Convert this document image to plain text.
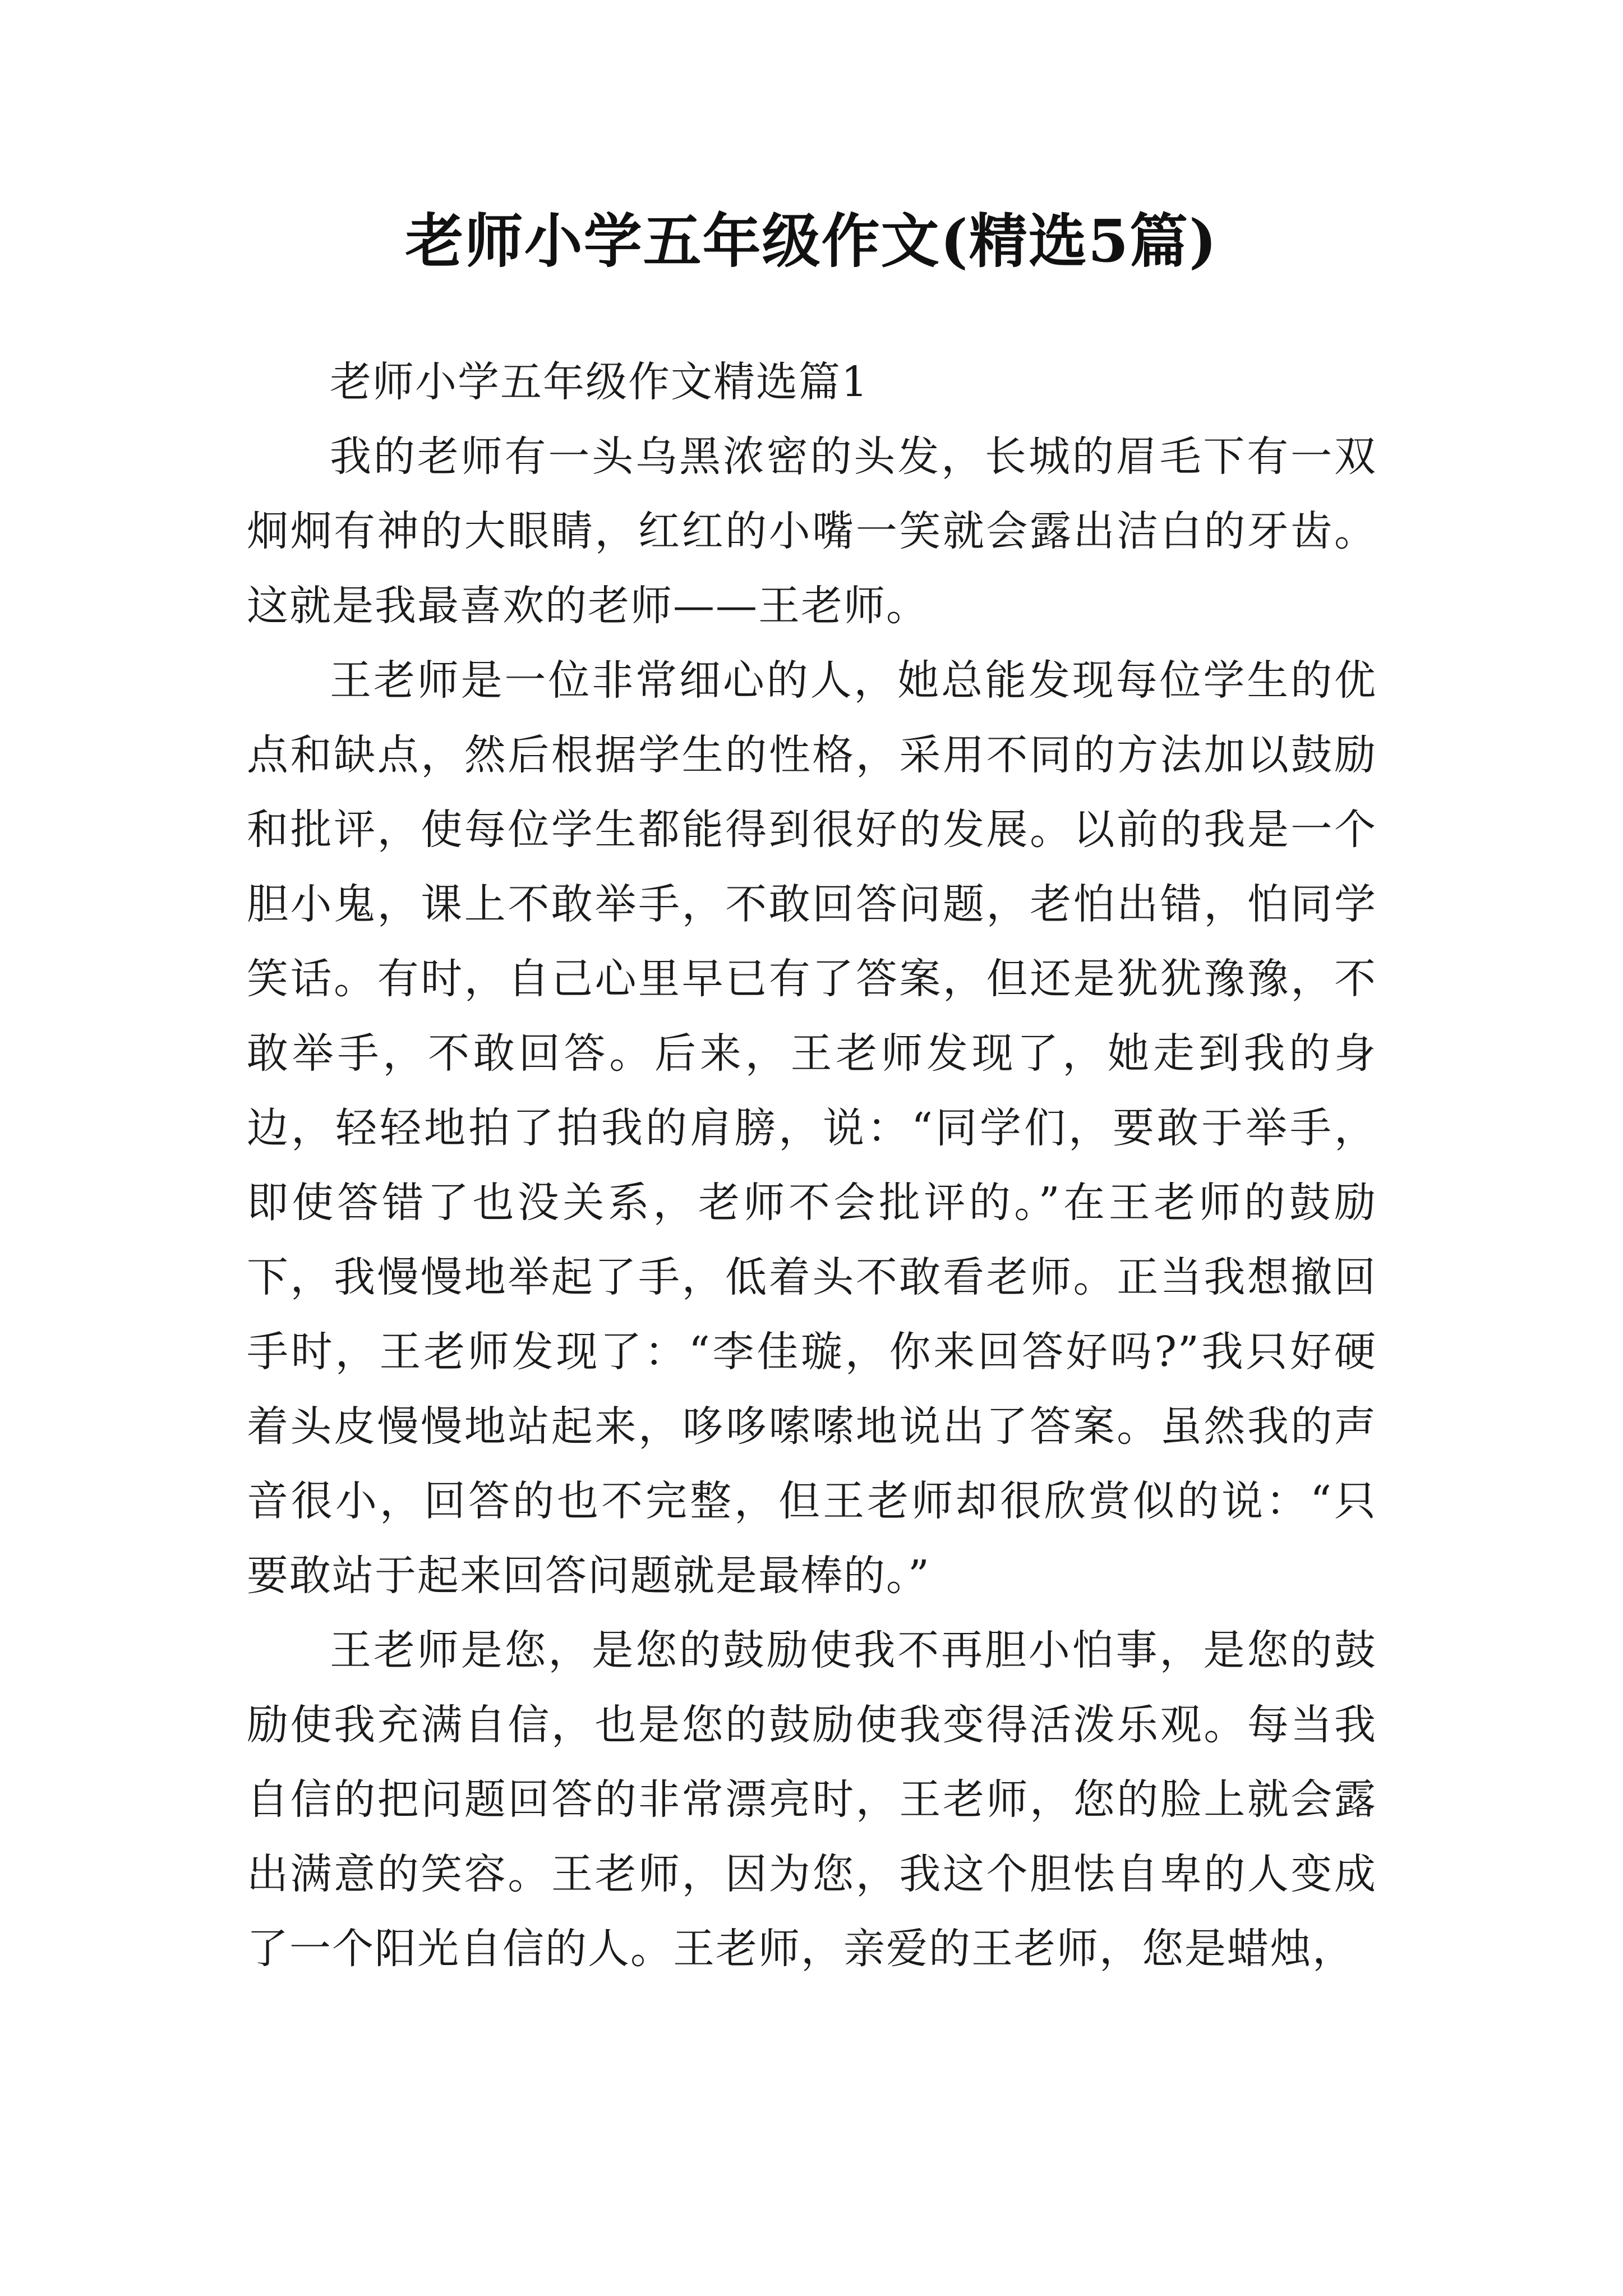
老师小学五年级作文(精选5篇)

老师小学五年级作文精选篇1

我的老师有一头乌黑浓密的头发，长城的眉毛下有一双炯炯有神的大眼睛，红红的小嘴一笑就会露出洁白的牙齿。这就是我最喜欢的老师——王老师。

王老师是一位非常细心的人，她总能发现每位学生的优点和缺点，然后根据学生的性格，采用不同的方法加以鼓励和批评，使每位学生都能得到很好的发展。以前的我是一个胆小鬼，课上不敢举手，不敢回答问题，老怕出错，怕同学笑话。有时，自己心里早已有了答案，但还是犹犹豫豫，不敢举手，不敢回答。后来，王老师发现了，她走到我的身边，轻轻地拍了拍我的肩膀，说：“同学们，要敢于举手，即使答错了也没关系，老师不会批评的。”在王老师的鼓励下，我慢慢地举起了手，低着头不敢看老师。正当我想撤回手时，王老师发现了：“李佳璇，你来回答好吗?”我只好硬着头皮慢慢地站起来，哆哆嗦嗦地说出了答案。虽然我的声音很小，回答的也不完整，但王老师却很欣赏似的说：“只要敢站于起来回答问题就是最棒的。”

王老师是您，是您的鼓励使我不再胆小怕事，是您的鼓励使我充满自信，也是您的鼓励使我变得活泼乐观。每当我自信的把问题回答的非常漂亮时，王老师，您的脸上就会露出满意的笑容。王老师，因为您，我这个胆怯自卑的人变成了一个阳光自信的人。王老师，亲爱的王老师，您是蜡烛，
